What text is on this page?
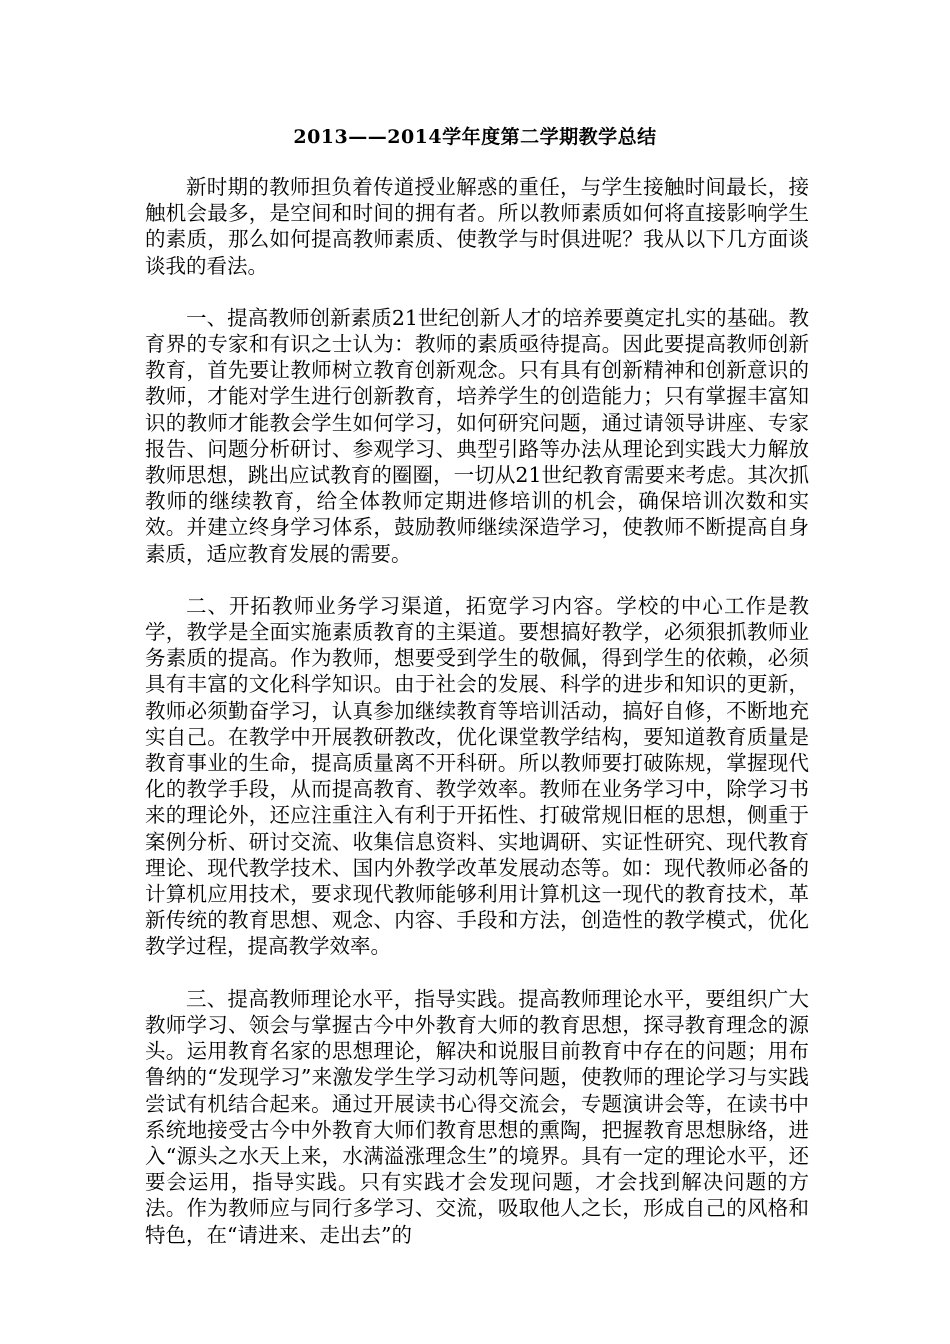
2013——2014学年度第二学期教学总结

新时期的教师担负着传道授业解惑的重任，与学生接触时间最长，接触机会最多，是空间和时间的拥有者。所以教师素质如何将直接影响学生的素质，那么如何提高教师素质、使教学与时俱进呢？我从以下几方面谈谈我的看法。

一、提高教师创新素质21世纪创新人才的培养要奠定扎实的基础。教育界的专家和有识之士认为：教师的素质亟待提高。因此要提高教师创新教育，首先要让教师树立教育创新观念。只有具有创新精神和创新意识的教师，才能对学生进行创新教育，培养学生的创造能力；只有掌握丰富知识的教师才能教会学生如何学习，如何研究问题，通过请领导讲座、专家报告、问题分析研讨、参观学习、典型引路等办法从理论到实践大力解放教师思想，跳出应试教育的圈圈，一切从21世纪教育需要来考虑。其次抓教师的继续教育，给全体教师定期进修培训的机会，确保培训次数和实效。并建立终身学习体系，鼓励教师继续深造学习，使教师不断提高自身素质，适应教育发展的需要。

二、开拓教师业务学习渠道，拓宽学习内容。学校的中心工作是教学，教学是全面实施素质教育的主渠道。要想搞好教学，必须狠抓教师业务素质的提高。作为教师，想要受到学生的敬佩，得到学生的依赖，必须具有丰富的文化科学知识。由于社会的发展、科学的进步和知识的更新，教师必须勤奋学习，认真参加继续教育等培训活动，搞好自修，不断地充实自己。在教学中开展教研教改，优化课堂教学结构，要知道教育质量是教育事业的生命，提高质量离不开科研。所以教师要打破陈规，掌握现代化的教学手段，从而提高教育、教学效率。教师在业务学习中，除学习书来的理论外，还应注重注入有利于开拓性、打破常规旧框的思想，侧重于案例分析、研讨交流、收集信息资料、实地调研、实证性研究、现代教育理论、现代教学技术、国内外教学改革发展动态等。如：现代教师必备的计算机应用技术，要求现代教师能够利用计算机这一现代的教育技术，革新传统的教育思想、观念、内容、手段和方法，创造性的教学模式，优化教学过程，提高教学效率。

三、提高教师理论水平，指导实践。提高教师理论水平，要组织广大教师学习、领会与掌握古今中外教育大师的教育思想，探寻教育理念的源头。运用教育名家的思想理论，解决和说服目前教育中存在的问题；用布鲁纳的“发现学习”来激发学生学习动机等问题，使教师的理论学习与实践尝试有机结合起来。通过开展读书心得交流会，专题演讲会等，在读书中系统地接受古今中外教育大师们教育思想的熏陶，把握教育思想脉络，进入“源头之水天上来，水满溢涨理念生”的境界。具有一定的理论水平，还要会运用，指导实践。只有实践才会发现问题，才会找到解决问题的方法。作为教师应与同行多学习、交流，吸取他人之长，形成自己的风格和特色，在“请进来、走出去”的
